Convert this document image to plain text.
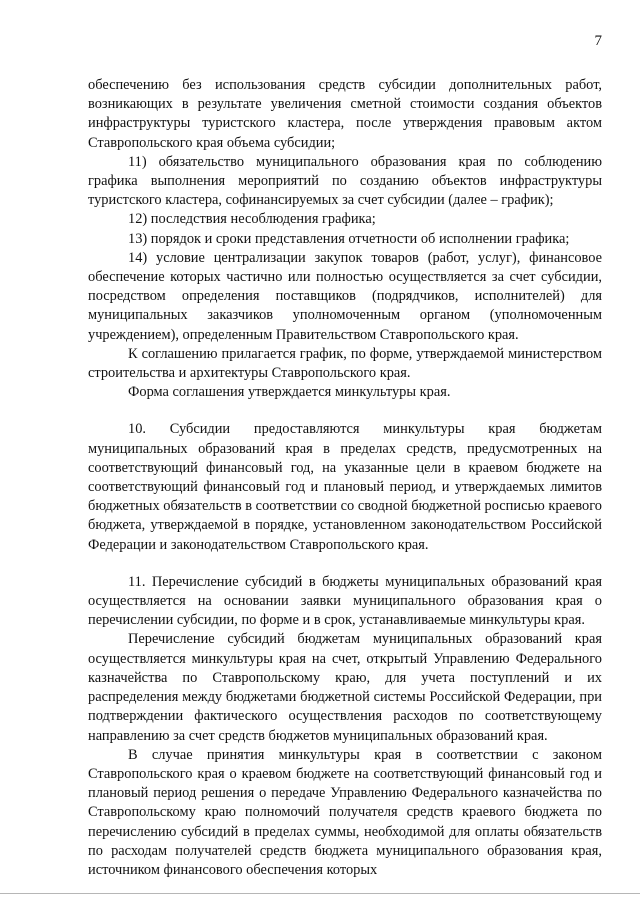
7

обеспечению без использования средств субсидии дополнительных работ, возникающих в результате увеличения сметной стоимости создания объектов инфраструктуры туристского кластера, после утверждения правовым актом Ставропольского края объема субсидии;

11) обязательство муниципального образования края по соблюдению графика выполнения мероприятий по созданию объектов инфраструктуры туристского кластера, софинансируемых за счет субсидии (далее – график);

12) последствия несоблюдения графика;

13) порядок и сроки представления отчетности об исполнении графика;

14) условие централизации закупок товаров (работ, услуг), финансовое обеспечение которых частично или полностью осуществляется за счет субсидии, посредством определения поставщиков (подрядчиков, исполнителей) для муниципальных заказчиков уполномоченным органом (уполномоченным учреждением), определенным Правительством Ставропольского края.

К соглашению прилагается график, по форме, утверждаемой министерством строительства и архитектуры Ставропольского края.

Форма соглашения утверждается минкультуры края.

10. Субсидии предоставляются минкультуры края бюджетам муниципальных образований края в пределах средств, предусмотренных на соответствующий финансовый год, на указанные цели в краевом бюджете на соответствующий финансовый год и плановый период, и утверждаемых лимитов бюджетных обязательств в соответствии со сводной бюджетной росписью краевого бюджета, утверждаемой в порядке, установленном законодательством Российской Федерации и законодательством Ставропольского края.

11. Перечисление субсидий в бюджеты муниципальных образований края осуществляется на основании заявки муниципального образования края о перечислении субсидии, по форме и в срок, устанавливаемые минкультуры края.

Перечисление субсидий бюджетам муниципальных образований края осуществляется минкультуры края на счет, открытый Управлению Федерального казначейства по Ставропольскому краю, для учета поступлений и их распределения между бюджетами бюджетной системы Российской Федерации, при подтверждении фактического осуществления расходов по соответствующему направлению за счет средств бюджетов муниципальных образований края.

В случае принятия минкультуры края в соответствии с законом Ставропольского края о краевом бюджете на соответствующий финансовый год и плановый период решения о передаче Управлению Федерального казначейства по Ставропольскому краю полномочий получателя средств краевого бюджета по перечислению субсидий в пределах суммы, необходимой для оплаты обязательств по расходам получателей средств бюджета муниципального образования края, источником финансового обеспечения которых
